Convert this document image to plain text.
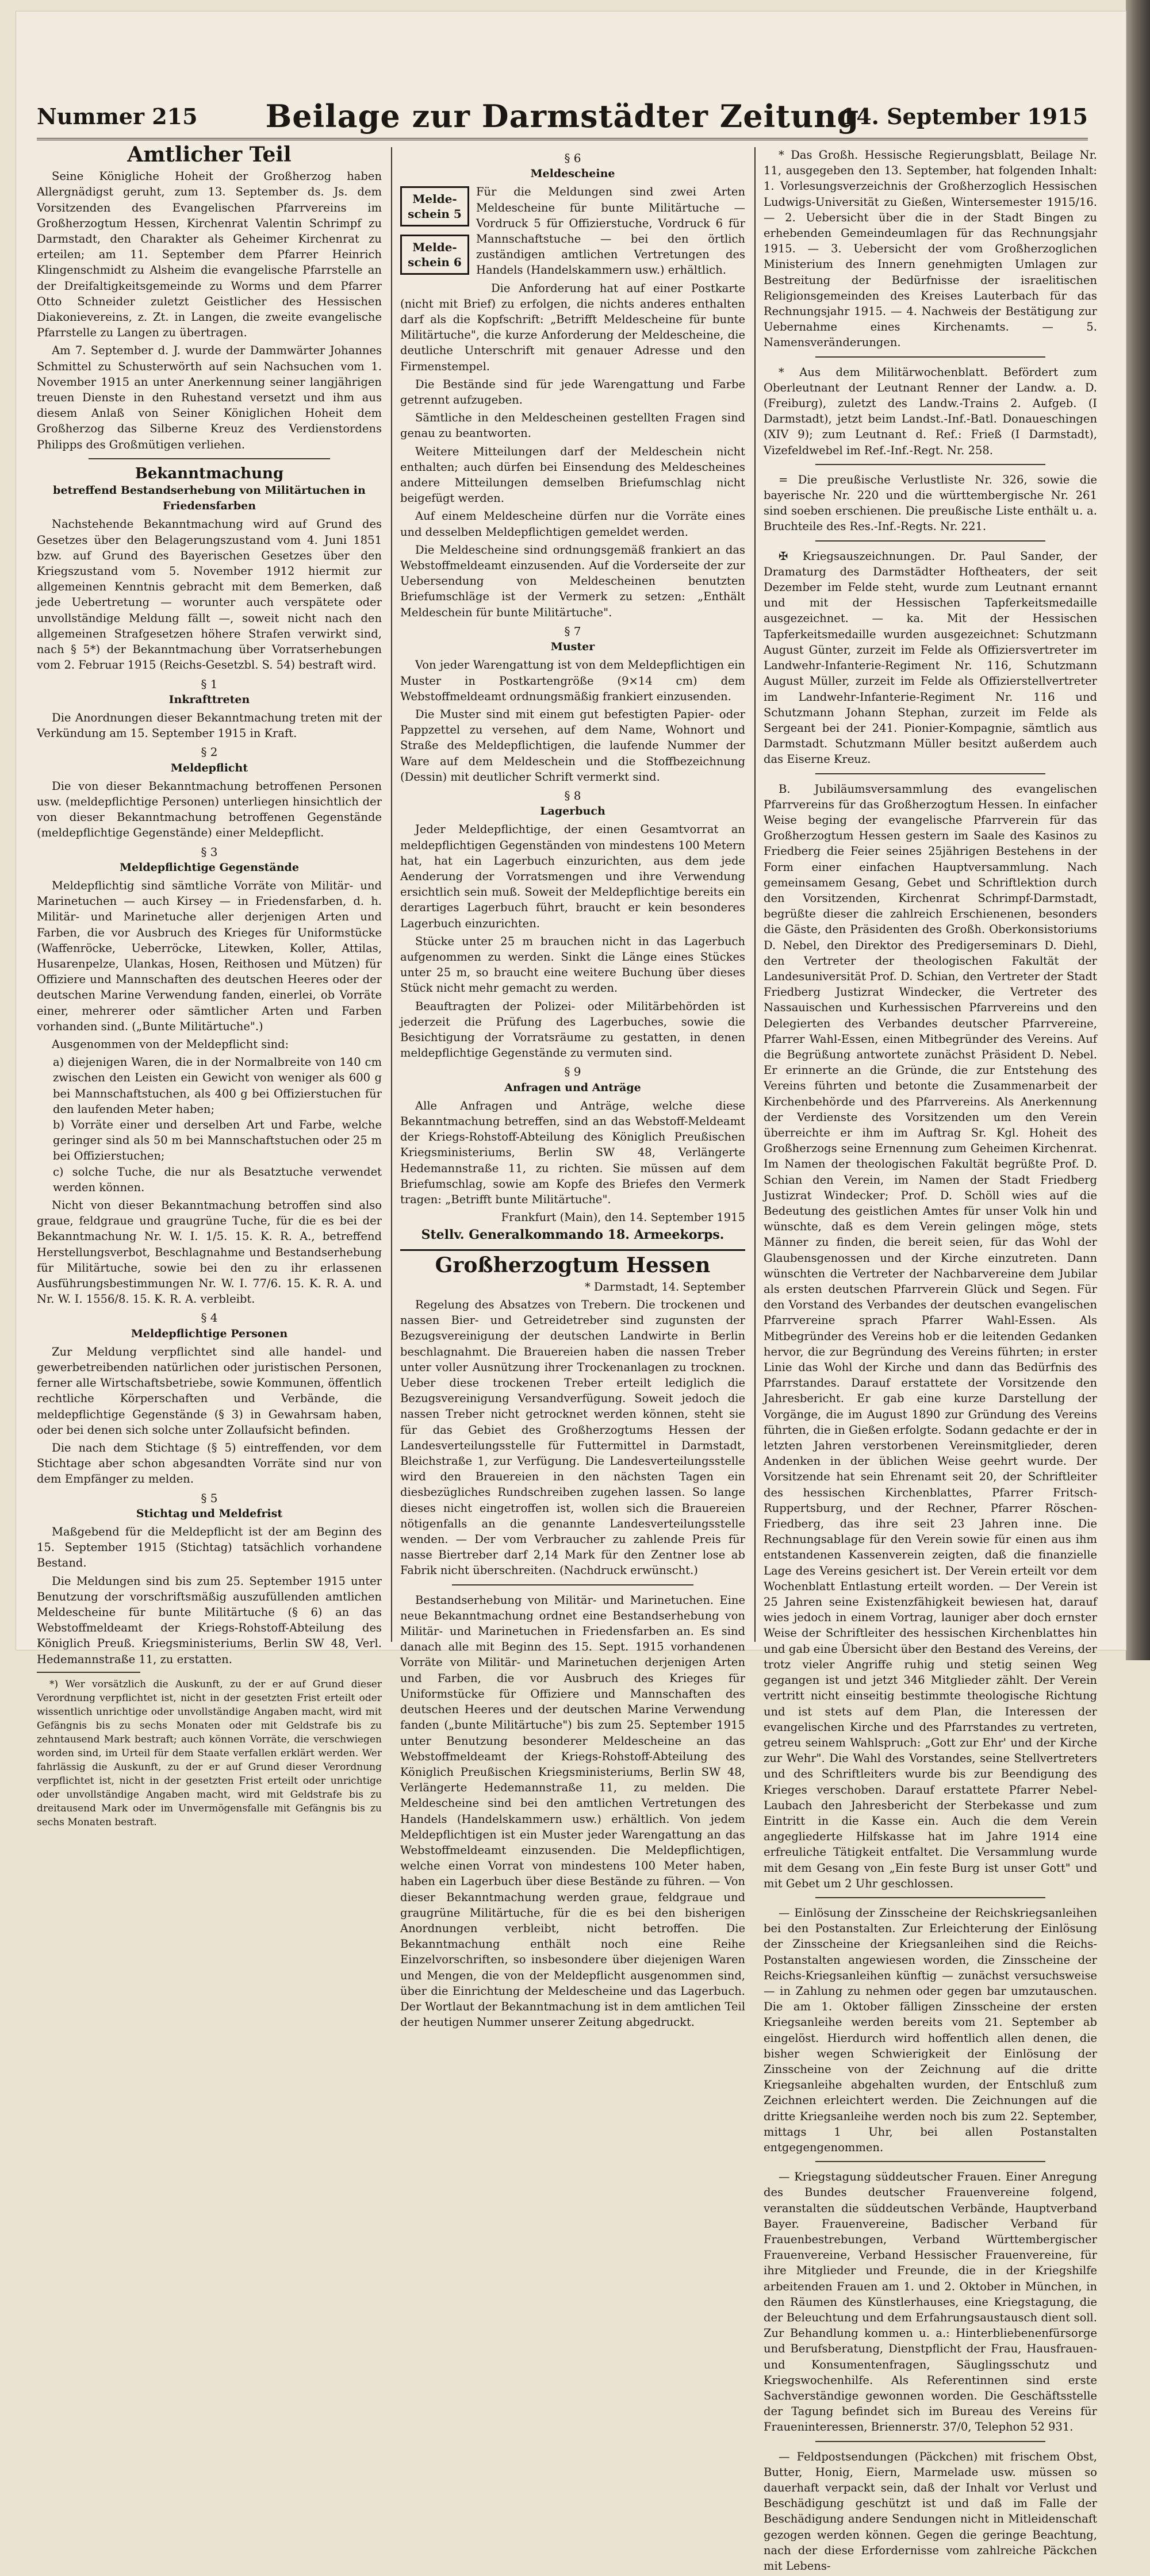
Nummer 215	Beilage zur Darmstädter Zeitung
14. September 1915
Amtlicher Teil

Seine Königliche Hoheit der Großherzog haben Allergnädigst geruht, zum 13. September ds. Js. dem Vorsitzenden des Evangelischen Pfarrvereins im Großherzogtum Hessen, Kirchenrat Valentin Schrimpf zu Darmstadt, den Charakter als Geheimer Kirchenrat zu erteilen; am 11. September dem Pfarrer Heinrich Klingenschmidt zu Alsheim die evangelische Pfarrstelle an der Dreifaltigkeitsgemeinde zu Worms und dem Pfarrer Otto Schneider zuletzt Geistlicher des Hessischen Diakonievereins, z. Zt. in Langen, die zweite evangelische Pfarrstelle zu Langen zu übertragen.

Am 7. September d. J. wurde der Dammwärter Johannes Schmittel zu Schusterwörth auf sein Nachsuchen vom 1. November 1915 an unter Anerkennung seiner langjährigen treuen Dienste in den Ruhestand versetzt und ihm aus diesem Anlaß von Seiner Königlichen Hoheit dem Großherzog das Silberne Kreuz des Verdienstordens Philipps des Großmütigen verliehen.

Bekanntmachung
betreffend Bestandserhebung von Militärtuchen in Friedensfarben

Nachstehende Bekanntmachung wird auf Grund des Gesetzes über den Belagerungszustand vom 4. Juni 1851 bzw. auf Grund des Bayerischen Gesetzes über den Kriegszustand vom 5. November 1912 hiermit zur allgemeinen Kenntnis gebracht mit dem Bemerken, daß jede Uebertretung — worunter auch verspätete oder unvollständige Meldung fällt —, soweit nicht nach den allgemeinen Strafgesetzen höhere Strafen verwirkt sind, nach § 5*) der Bekanntmachung über Vorratserhebungen vom 2. Februar 1915 (Reichs-Gesetzbl. S. 54) bestraft wird.

§ 1
Inkrafttreten

Die Anordnungen dieser Bekanntmachung treten mit der Verkündung am 15. September 1915 in Kraft.

§ 2
Meldepflicht

Die von dieser Bekanntmachung betroffenen Personen usw. (meldepflichtige Personen) unterliegen hinsichtlich der von dieser Bekanntmachung betroffenen Gegenstände (meldepflichtige Gegenstände) einer Meldepflicht.

§ 3
Meldepflichtige Gegenstände

Meldepflichtig sind sämtliche Vorräte von Militär- und Marinetuchen — auch Kirsey — in Friedensfarben, d. h. Militär- und Marinetuche aller derjenigen Arten und Farben, die vor Ausbruch des Krieges für Uniformstücke (Waffenröcke, Ueberröcke, Litewken, Koller, Attilas, Husarenpelze, Ulankas, Hosen, Reithosen und Mützen) für Offiziere und Mannschaften des deutschen Heeres oder der deutschen Marine Verwendung fanden, einerlei, ob Vorräte einer, mehrerer oder sämtlicher Arten und Farben vorhanden sind. („Bunte Militärtuche".)

Ausgenommen von der Meldepflicht sind:

a) diejenigen Waren, die in der Normalbreite von 140 cm zwischen den Leisten ein Gewicht von weniger als 600 g bei Mannschaftstuchen, als 400 g bei Offizierstuchen für den laufenden Meter haben;
b) Vorräte einer und derselben Art und Farbe, welche geringer sind als 50 m bei Mannschaftstuchen oder 25 m bei Offizierstuchen;
c) solche Tuche, die nur als Besatztuche verwendet werden können.

Nicht von dieser Bekanntmachung betroffen sind also graue, feldgraue und graugrüne Tuche, für die es bei der Bekanntmachung Nr. W. I. 1/5. 15. K. R. A., betreffend Herstellungsverbot, Beschlagnahme und Bestandserhebung für Militärtuche, sowie bei den zu ihr erlassenen Ausführungsbestimmungen Nr. W. I. 77/6. 15. K. R. A. und Nr. W. I. 1556/8. 15. K. R. A. verbleibt.

§ 4
Meldepflichtige Personen

Zur Meldung verpflichtet sind alle handel- und gewerbetreibenden natürlichen oder juristischen Personen, ferner alle Wirtschaftsbetriebe, sowie Kommunen, öffentlich rechtliche Körperschaften und Verbände, die meldepflichtige Gegenstände (§ 3) in Gewahrsam haben, oder bei denen sich solche unter Zollaufsicht befinden.

Die nach dem Stichtage (§ 5) eintreffenden, vor dem Stichtage aber schon abgesandten Vorräte sind nur von dem Empfänger zu melden.

§ 5
Stichtag und Meldefrist

Maßgebend für die Meldepflicht ist der am Beginn des 15. September 1915 (Stichtag) tatsächlich vorhandene Bestand.

Die Meldungen sind bis zum 25. September 1915 unter Benutzung der vorschriftsmäßig auszufüllenden amtlichen Meldescheine für bunte Militärtuche (§ 6) an das Webstoffmeldeamt der Kriegs-Rohstoff-Abteilung des Königlich Preuß. Kriegsministeriums, Berlin SW 48, Verl. Hedemannstraße 11, zu erstatten.

*) Wer vorsätzlich die Auskunft, zu der er auf Grund dieser Verordnung verpflichtet ist, nicht in der gesetzten Frist erteilt oder wissentlich unrichtige oder unvollständige Angaben macht, wird mit Gefängnis bis zu sechs Monaten oder mit Geldstrafe bis zu zehntausend Mark bestraft; auch können Vorräte, die verschwiegen worden sind, im Urteil für dem Staate verfallen erklärt werden. Wer fahrlässig die Auskunft, zu der er auf Grund dieser Verordnung verpflichtet ist, nicht in der gesetzten Frist erteilt oder unrichtige oder unvollständige Angaben macht, wird mit Geldstrafe bis zu dreitausend Mark oder im Unvermögensfalle mit Gefängnis bis zu sechs Monaten bestraft.

§ 6
Meldescheine
Melde-schein 5
Melde-schein 6

Für die Meldungen sind zwei Arten Meldescheine für bunte Militärtuche — Vordruck 5 für Offizierstuche, Vordruck 6 für Mannschaftstuche — bei den örtlich zuständigen amtlichen Vertretungen des Handels (Handelskammern usw.) erhältlich.

Die Anforderung hat auf einer Postkarte (nicht mit Brief) zu erfolgen, die nichts anderes enthalten darf als die Kopfschrift: „Betrifft Meldescheine für bunte Militärtuche", die kurze Anforderung der Meldescheine, die deutliche Unterschrift mit genauer Adresse und den Firmenstempel.

Die Bestände sind für jede Warengattung und Farbe getrennt aufzugeben.

Sämtliche in den Meldescheinen gestellten Fragen sind genau zu beantworten.

Weitere Mitteilungen darf der Meldeschein nicht enthalten; auch dürfen bei Einsendung des Meldescheines andere Mitteilungen demselben Briefumschlag nicht beigefügt werden.

Auf einem Meldescheine dürfen nur die Vorräte eines und desselben Meldepflichtigen gemeldet werden.

Die Meldescheine sind ordnungsgemäß frankiert an das Webstoffmeldeamt einzusenden. Auf die Vorderseite der zur Uebersendung von Meldescheinen benutzten Briefumschläge ist der Vermerk zu setzen: „Enthält Meldeschein für bunte Militärtuche".

§ 7
Muster

Von jeder Warengattung ist von dem Meldepflichtigen ein Muster in Postkartengröße (9×14 cm) dem Webstoffmeldeamt ordnungsmäßig frankiert einzusenden.

Die Muster sind mit einem gut befestigten Papier- oder Pappzettel zu versehen, auf dem Name, Wohnort und Straße des Meldepflichtigen, die laufende Nummer der Ware auf dem Meldeschein und die Stoffbezeichnung (Dessin) mit deutlicher Schrift vermerkt sind.

§ 8
Lagerbuch

Jeder Meldepflichtige, der einen Gesamtvorrat an meldepflichtigen Gegenständen von mindestens 100 Metern hat, hat ein Lagerbuch einzurichten, aus dem jede Aenderung der Vorratsmengen und ihre Verwendung ersichtlich sein muß. Soweit der Meldepflichtige bereits ein derartiges Lagerbuch führt, braucht er kein besonderes Lagerbuch einzurichten.

Stücke unter 25 m brauchen nicht in das Lagerbuch aufgenommen zu werden. Sinkt die Länge eines Stückes unter 25 m, so braucht eine weitere Buchung über dieses Stück nicht mehr gemacht zu werden.

Beauftragten der Polizei- oder Militärbehörden ist jederzeit die Prüfung des Lagerbuches, sowie die Besichtigung der Vorratsräume zu gestatten, in denen meldepflichtige Gegenstände zu vermuten sind.

§ 9
Anfragen und Anträge

Alle Anfragen und Anträge, welche diese Bekanntmachung betreffen, sind an das Webstoff-Meldeamt der Kriegs-Rohstoff-Abteilung des Königlich Preußischen Kriegsministeriums, Berlin SW 48, Verlängerte Hedemannstraße 11, zu richten. Sie müssen auf dem Briefumschlag, sowie am Kopfe des Briefes den Vermerk tragen: „Betrifft bunte Militärtuche".

Frankfurt (Main), den 14. September 1915
Stellv. Generalkommando 18. Armeekorps.
Großherzogtum Hessen
* Darmstadt, 14. September

Regelung des Absatzes von Trebern. Die trockenen und nassen Bier- und Getreidetreber sind zugunsten der Bezugsvereinigung der deutschen Landwirte in Berlin beschlagnahmt. Die Brauereien haben die nassen Treber unter voller Ausnützung ihrer Trockenanlagen zu trocknen. Ueber diese trockenen Treber erteilt lediglich die Bezugsvereinigung Versandverfügung. Soweit jedoch die nassen Treber nicht getrocknet werden können, steht sie für das Gebiet des Großherzogtums Hessen der Landesverteilungsstelle für Futtermittel in Darmstadt, Bleichstraße 1, zur Verfügung. Die Landesverteilungsstelle wird den Brauereien in den nächsten Tagen ein diesbezügliches Rundschreiben zugehen lassen. So lange dieses nicht eingetroffen ist, wollen sich die Brauereien nötigenfalls an die genannte Landesverteilungsstelle wenden. — Der vom Verbraucher zu zahlende Preis für nasse Biertreber darf 2,14 Mark für den Zentner lose ab Fabrik nicht überschreiten. (Nachdruck erwünscht.)

Bestandserhebung von Militär- und Marinetuchen. Eine neue Bekanntmachung ordnet eine Bestandserhebung von Militär- und Marinetuchen in Friedensfarben an. Es sind danach alle mit Beginn des 15. Sept. 1915 vorhandenen Vorräte von Militär- und Marinetuchen derjenigen Arten und Farben, die vor Ausbruch des Krieges für Uniformstücke für Offiziere und Mannschaften des deutschen Heeres und der deutschen Marine Verwendung fanden („bunte Militärtuche") bis zum 25. September 1915 unter Benutzung besonderer Meldescheine an das Webstoffmeldeamt der Kriegs-Rohstoff-Abteilung des Königlich Preußischen Kriegsministeriums, Berlin SW 48, Verlängerte Hedemannstraße 11, zu melden. Die Meldescheine sind bei den amtlichen Vertretungen des Handels (Handelskammern usw.) erhältlich. Von jedem Meldepflichtigen ist ein Muster jeder Warengattung an das Webstoffmeldeamt einzusenden. Die Meldepflichtigen, welche einen Vorrat von mindestens 100 Meter haben, haben ein Lagerbuch über diese Bestände zu führen. — Von dieser Bekanntmachung werden graue, feldgraue und graugrüne Militärtuche, für die es bei den bisherigen Anordnungen verbleibt, nicht betroffen. Die Bekanntmachung enthält noch eine Reihe Einzelvorschriften, so insbesondere über diejenigen Waren und Mengen, die von der Meldepflicht ausgenommen sind, über die Einrichtung der Meldescheine und das Lagerbuch. Der Wortlaut der Bekanntmachung ist in dem amtlichen Teil der heutigen Nummer unserer Zeitung abgedruckt.

* Das Großh. Hessische Regierungsblatt, Beilage Nr. 11, ausgegeben den 13. September, hat folgenden Inhalt: 1. Vorlesungsverzeichnis der Großherzoglich Hessischen Ludwigs-Universität zu Gießen, Wintersemester 1915/16. — 2. Uebersicht über die in der Stadt Bingen zu erhebenden Gemeindeumlagen für das Rechnungsjahr 1915. — 3. Uebersicht der vom Großherzoglichen Ministerium des Innern genehmigten Umlagen zur Bestreitung der Bedürfnisse der israelitischen Religionsgemeinden des Kreises Lauterbach für das Rechnungsjahr 1915. — 4. Nachweis der Bestätigung zur Uebernahme eines Kirchenamts. — 5. Namensveränderungen.

* Aus dem Militärwochenblatt. Befördert zum Oberleutnant der Leutnant Renner der Landw. a. D. (Freiburg), zuletzt des Landw.-Trains 2. Aufgeb. (I Darmstadt), jetzt beim Landst.-Inf.-Batl. Donaueschingen (XIV 9); zum Leutnant d. Ref.: Frieß (I Darmstadt), Vizefeldwebel im Ref.-Inf.-Regt. Nr. 258.

= Die preußische Verlustliste Nr. 326, sowie die bayerische Nr. 220 und die württembergische Nr. 261 sind soeben erschienen. Die preußische Liste enthält u. a. Bruchteile des Res.-Inf.-Regts. Nr. 221.

✠ Kriegsauszeichnungen. Dr. Paul Sander, der Dramaturg des Darmstädter Hoftheaters, der seit Dezember im Felde steht, wurde zum Leutnant ernannt und mit der Hessischen Tapferkeitsmedaille ausgezeichnet. — ka. Mit der Hessischen Tapferkeitsmedaille wurden ausgezeichnet: Schutzmann August Günter, zurzeit im Felde als Offiziersvertreter im Landwehr-Infanterie-Regiment Nr. 116, Schutzmann August Müller, zurzeit im Felde als Offizierstellvertreter im Landwehr-Infanterie-Regiment Nr. 116 und Schutzmann Johann Stephan, zurzeit im Felde als Sergeant bei der 241. Pionier-Kompagnie, sämtlich aus Darmstadt. Schutzmann Müller besitzt außerdem auch das Eiserne Kreuz.

B. Jubiläumsversammlung des evangelischen Pfarrvereins für das Großherzogtum Hessen. In einfacher Weise beging der evangelische Pfarrverein für das Großherzogtum Hessen gestern im Saale des Kasinos zu Friedberg die Feier seines 25jährigen Bestehens in der Form einer einfachen Hauptversammlung. Nach gemeinsamem Gesang, Gebet und Schriftlektion durch den Vorsitzenden, Kirchenrat Schrimpf-Darmstadt, begrüßte dieser die zahlreich Erschienenen, besonders die Gäste, den Präsidenten des Großh. Oberkonsistoriums D. Nebel, den Direktor des Predigerseminars D. Diehl, den Vertreter der theologischen Fakultät der Landesuniversität Prof. D. Schian, den Vertreter der Stadt Friedberg Justizrat Windecker, die Vertreter des Nassauischen und Kurhessischen Pfarrvereins und den Delegierten des Verbandes deutscher Pfarrvereine, Pfarrer Wahl-Essen, einen Mitbegründer des Vereins. Auf die Begrüßung antwortete zunächst Präsident D. Nebel. Er erinnerte an die Gründe, die zur Entstehung des Vereins führten und betonte die Zusammenarbeit der Kirchenbehörde und des Pfarrvereins. Als Anerkennung der Verdienste des Vorsitzenden um den Verein überreichte er ihm im Auftrag Sr. Kgl. Hoheit des Großherzogs seine Ernennung zum Geheimen Kirchenrat. Im Namen der theologischen Fakultät begrüßte Prof. D. Schian den Verein, im Namen der Stadt Friedberg Justizrat Windecker; Prof. D. Schöll wies auf die Bedeutung des geistlichen Amtes für unser Volk hin und wünschte, daß es dem Verein gelingen möge, stets Männer zu finden, die bereit seien, für das Wohl der Glaubensgenossen und der Kirche einzutreten. Dann wünschten die Vertreter der Nachbarvereine dem Jubilar als ersten deutschen Pfarrverein Glück und Segen. Für den Vorstand des Verbandes der deutschen evangelischen Pfarrvereine sprach Pfarrer Wahl-Essen. Als Mitbegründer des Vereins hob er die leitenden Gedanken hervor, die zur Begründung des Vereins führten; in erster Linie das Wohl der Kirche und dann das Bedürfnis des Pfarrstandes. Darauf erstattete der Vorsitzende den Jahresbericht. Er gab eine kurze Darstellung der Vorgänge, die im August 1890 zur Gründung des Vereins führten, die in Gießen erfolgte. Sodann gedachte er der in letzten Jahren verstorbenen Vereinsmitglieder, deren Andenken in der üblichen Weise geehrt wurde. Der Vorsitzende hat sein Ehrenamt seit 20, der Schriftleiter des hessischen Kirchenblattes, Pfarrer Fritsch-Ruppertsburg, und der Rechner, Pfarrer Röschen-Friedberg, das ihre seit 23 Jahren inne. Die Rechnungsablage für den Verein sowie für einen aus ihm entstandenen Kassenverein zeigten, daß die finanzielle Lage des Vereins gesichert ist. Der Verein erteilt vor dem Wochenblatt Entlastung erteilt worden. — Der Verein ist 25 Jahren seine Existenzfähigkeit bewiesen hat, darauf wies jedoch in einem Vortrag, launiger aber doch ernster Weise der Schriftleiter des hessischen Kirchenblattes hin und gab eine Übersicht über den Bestand des Vereins, der trotz vieler Angriffe ruhig und stetig seinen Weg gegangen ist und jetzt 346 Mitglieder zählt. Der Verein vertritt nicht einseitig bestimmte theologische Richtung und ist stets auf dem Plan, die Interessen der evangelischen Kirche und des Pfarrstandes zu vertreten, getreu seinem Wahlspruch: „Gott zur Ehr' und der Kirche zur Wehr". Die Wahl des Vorstandes, seine Stellvertreters und des Schriftleiters wurde bis zur Beendigung des Krieges verschoben. Darauf erstattete Pfarrer Nebel-Laubach den Jahresbericht der Sterbekasse und zum Eintritt in die Kasse ein. Auch die dem Verein angegliederte Hilfskasse hat im Jahre 1914 eine erfreuliche Tätigkeit entfaltet. Die Versammlung wurde mit dem Gesang von „Ein feste Burg ist unser Gott" und mit Gebet um 2 Uhr geschlossen.

— Einlösung der Zinsscheine der Reichskriegsanleihen bei den Postanstalten. Zur Erleichterung der Einlösung der Zinsscheine der Kriegsanleihen sind die Reichs-Postanstalten angewiesen worden, die Zinsscheine der Reichs-Kriegsanleihen künftig — zunächst versuchsweise — in Zahlung zu nehmen oder gegen bar umzutauschen. Die am 1. Oktober fälligen Zinsscheine der ersten Kriegsanleihe werden bereits vom 21. September ab eingelöst. Hierdurch wird hoffentlich allen denen, die bisher wegen Schwierigkeit der Einlösung der Zinsscheine von der Zeichnung auf die dritte Kriegsanleihe abgehalten wurden, der Entschluß zum Zeichnen erleichtert werden. Die Zeichnungen auf die dritte Kriegsanleihe werden noch bis zum 22. September, mittags 1 Uhr, bei allen Postanstalten entgegengenommen.

— Kriegstagung süddeutscher Frauen. Einer Anregung des Bundes deutscher Frauenvereine folgend, veranstalten die süddeutschen Verbände, Hauptverband Bayer. Frauenvereine, Badischer Verband für Frauenbestrebungen, Verband Württembergischer Frauenvereine, Verband Hessischer Frauenvereine, für ihre Mitglieder und Freunde, die in der Kriegshilfe arbeitenden Frauen am 1. und 2. Oktober in München, in den Räumen des Künstlerhauses, eine Kriegstagung, die der Beleuchtung und dem Erfahrungsaustausch dient soll. Zur Behandlung kommen u. a.: Hinterbliebenenfürsorge und Berufsberatung, Dienstpflicht der Frau, Hausfrauen- und Konsumentenfragen, Säuglingsschutz und Kriegswochenhilfe. Als Referentinnen sind erste Sachverständige gewonnen worden. Die Geschäftsstelle der Tagung befindet sich im Bureau des Vereins für Fraueninteressen, Briennerstr. 37/0, Telephon 52 931.

— Feldpostsendungen (Päckchen) mit frischem Obst, Butter, Honig, Eiern, Marmelade usw. müssen so dauerhaft verpackt sein, daß der Inhalt vor Verlust und Beschädigung geschützt ist und daß im Falle der Beschädigung andere Sendungen nicht in Mitleidenschaft gezogen werden können. Gegen die geringe Beachtung, nach der diese Erfordernisse vom zahlreiche Päckchen mit Lebens-
